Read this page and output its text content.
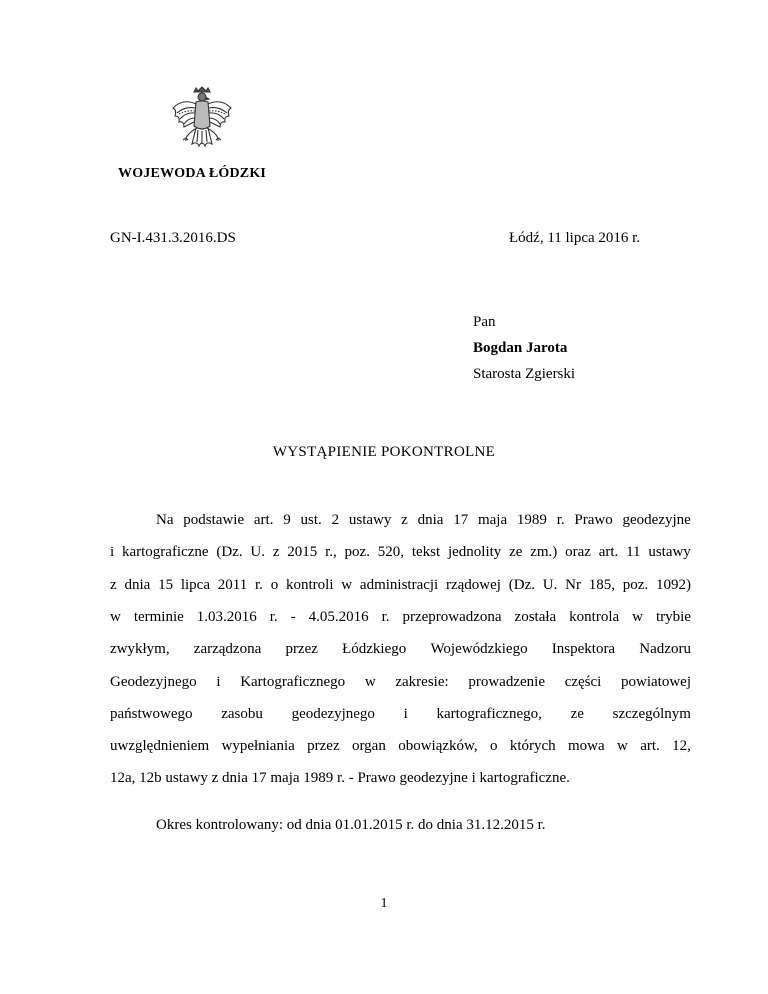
WOJEWODA ŁÓDZKI
GN-I.431.3.2016.DS	Łódź, 11 lipca 2016 r.
Pan
Bogdan Jarota
Starosta Zgierski
WYSTĄPIENIE POKONTROLNE
Na podstawie art. 9 ust. 2 ustawy z dnia 17 maja 1989 r. Prawo geodezyjne
i kartograficzne (Dz. U. z 2015 r., poz. 520, tekst jednolity ze zm.) oraz art. 11 ustawy
z dnia 15 lipca 2011 r. o kontroli w administracji rządowej (Dz. U. Nr 185, poz. 1092)
w terminie 1.03.2016 r. - 4.05.2016 r. przeprowadzona została kontrola w trybie
zwykłym, zarządzona przez Łódzkiego Wojewódzkiego Inspektora Nadzoru
Geodezyjnego i Kartograficznego w zakresie: prowadzenie części powiatowej
państwowego zasobu geodezyjnego i kartograficznego, ze szczególnym
uwzględnieniem wypełniania przez organ obowiązków, o których mowa w art. 12,
12a, 12b ustawy z dnia 17 maja 1989 r. - Prawo geodezyjne i kartograficzne.
Okres kontrolowany: od dnia 01.01.2015 r. do dnia 31.12.2015 r.
1
